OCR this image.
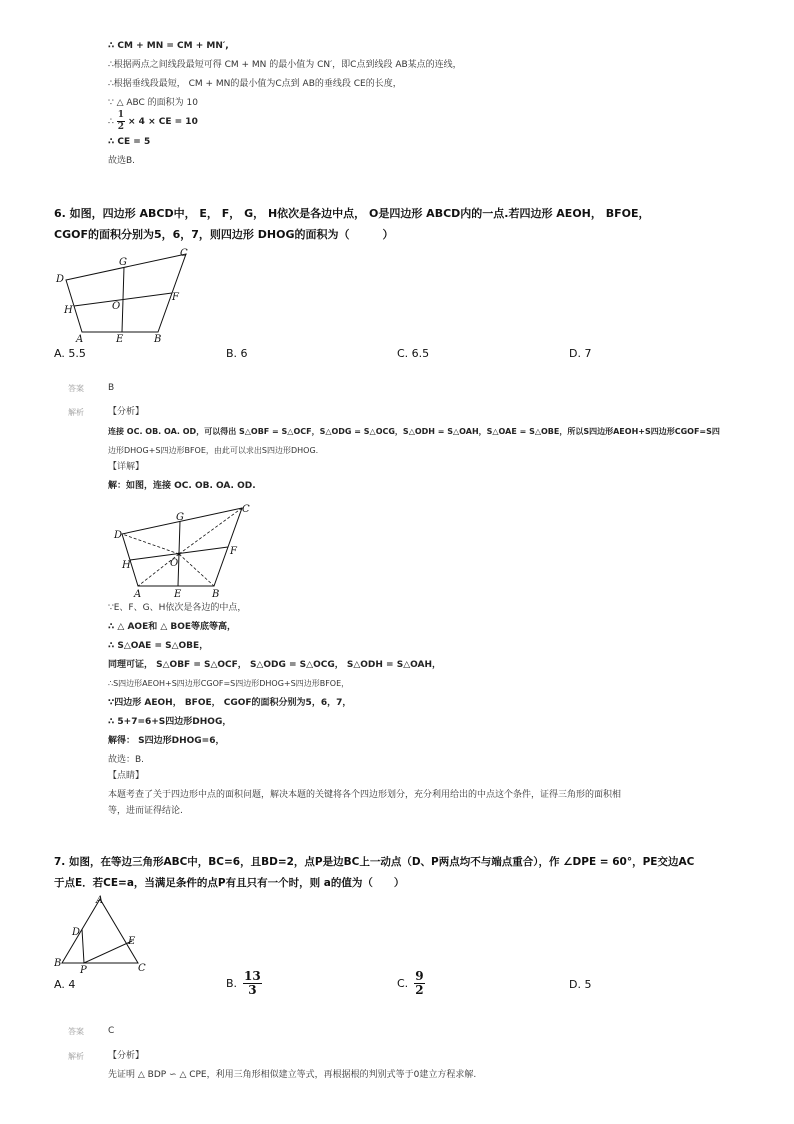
∴ CM + MN = CM + MN′,
∴根据两点之间线段最短可得 CM + MN 的最小值为 CN′，即C点到线段 AB某点的连线，
∴根据垂线段最短， CM + MN的最小值为C点到 AB的垂线段 CE的长度，
∵ △ ABC 的面积为 10
∴ $\frac{1}{2} \times 4$ × CE = 10
∴ CE = 5
故选B.
6. 如图，四边形 ABCD中， E， F， G， H依次是各边中点， O是四边形 ABCD内的一点.若四边形 AEOH， BFOE，
CGOF的面积分别为5，6，7，则四边形 DHOG的面积为（　　　）
C
D
G
F
O
H
A	E	B
A. 5.5	B. 6	C. 6.5	D. 7
答案	B
解析	【分析】
连接 OC. OB. OA. OD，可以得出 S△OBF = S△OCF，S△ODG = S△OCG，S△ODH = S△OAH，S△OAE = S△OBE，所以S四边形AEOH+S四边形CGOF=S四
边形DHOG+S四边形BFOE，由此可以求出S四边形DHOG.
【详解】
解：如图，连接 OC. OB. OA. OD.
C
D
G
F
O
H
A	E	B
∵E、F、G、H依次是各边的中点，
∴ △ AOE和 △ BOE等底等高，
∴ S△OAE = S△OBE，
同理可证， S△OBF = S△OCF， S△ODG = S△OCG， S△ODH = S△OAH，
∴S四边形AEOH+S四边形CGOF=S四边形DHOG+S四边形BFOE，
∵四边形 AEOH， BFOE， CGOF的面积分别为5，6，7，
∴ 5+7=6+S四边形DHOG，
解得： S四边形DHOG=6，
故选：B.
【点睛】
本题考查了关于四边形中点的面积问题，解决本题的关键将各个四边形划分，充分利用给出的中点这个条件，证得三角形的面积相
等，进而证得结论.
7. 如图，在等边三角形ABC中，BC=6，且BD=2，点P是边BC上一动点（D、P两点均不与端点重合），作 ∠DPE = 60°，PE交边AC
于点E．若CE=a，当满足条件的点P有且只有一个时，则 a的值为（　　）
A
D
E
B
P	C
A. 4	B. $\frac{13}{3}$	C. $\frac{9}{2}$	D. 5
答案	C
解析	【分析】
先证明 △ BDP ∽ △ CPE，利用三角形相似建立等式，再根据根的判别式等于0建立方程求解.
